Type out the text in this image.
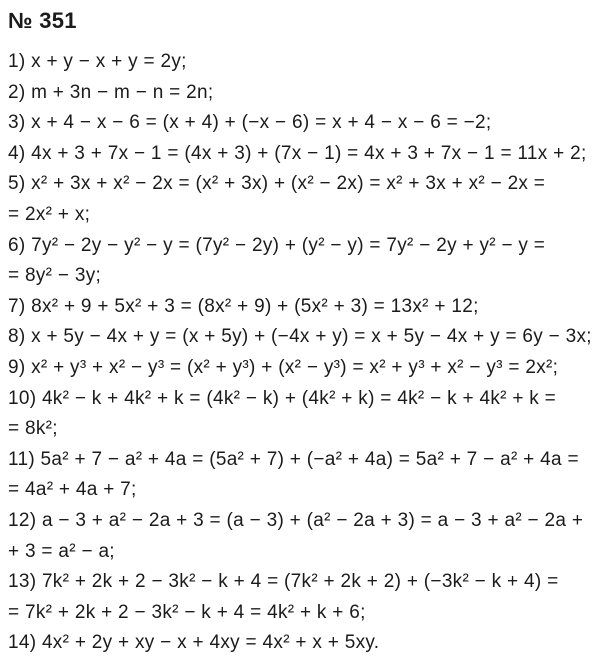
№ 351
1) x + y − x + y = 2y;
2) m + 3n − m − n = 2n;
3) x + 4 − x − 6 = (x + 4) + (−x − 6) = x + 4 − x − 6 = −2;
4) 4x + 3 + 7x − 1 = (4x + 3) + (7x − 1) = 4x + 3 + 7x − 1 = 11x + 2;
5) x² + 3x + x² − 2x = (x² + 3x) + (x² − 2x) = x² + 3x + x² − 2x =
= 2x² + x;
6) 7y² − 2y − y² − y = (7y² − 2y) + (y² − y) = 7y² − 2y + y² − y =
= 8y² − 3y;
7) 8x² + 9 + 5x² + 3 = (8x² + 9) + (5x² + 3) = 13x² + 12;
8) x + 5y − 4x + y = (x + 5y) + (−4x + y) = x + 5y − 4x + y = 6y − 3x;
9) x² + y³ + x² − y³ = (x² + y³) + (x² − y³) = x² + y³ + x² − y³ = 2x²;
10) 4k² − k + 4k² + k = (4k² − k) + (4k² + k) = 4k² − k + 4k² + k =
= 8k²;
11) 5a² + 7 − a² + 4a = (5a² + 7) + (−a² + 4a) = 5a² + 7 − a² + 4a =
= 4a² + 4a + 7;
12) a − 3 + a² − 2a + 3 = (a − 3) + (a² − 2a + 3) = a − 3 + a² − 2a +
+ 3 = a² − a;
13) 7k² + 2k + 2 − 3k² − k + 4 = (7k² + 2k + 2) + (−3k² − k + 4) =
= 7k² + 2k + 2 − 3k² − k + 4 = 4k² + k + 6;
14) 4x² + 2y + xy − x + 4xy = 4x² + x + 5xy.
